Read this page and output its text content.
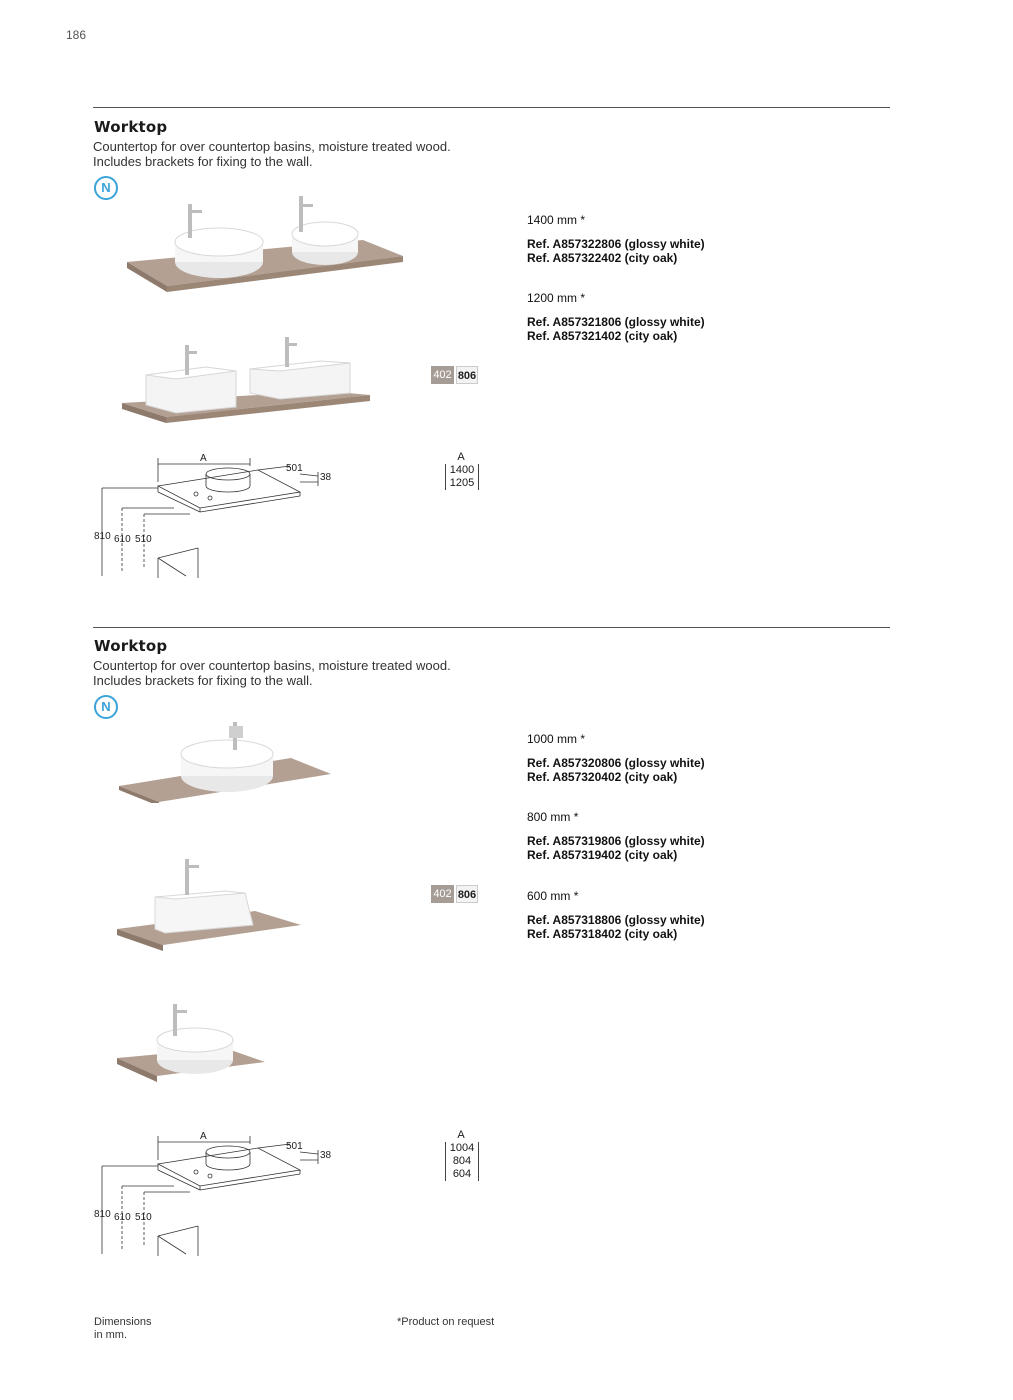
186
Worktop
Countertop for over countertop basins, moisture treated wood.
Includes brackets for fixing to the wall.
N
402 806
1400 mm *
Ref. A857322806 (glossy white)
Ref. A857322402 (city oak)
1200 mm *
Ref. A857321806 (glossy white)
Ref. A857321402 (city oak)
A
501
38
810 610 510
A
1400
1205
Worktop
Countertop for over countertop basins, moisture treated wood.
Includes brackets for fixing to the wall.
N
402 806
1000 mm *
Ref. A857320806 (glossy white)
Ref. A857320402 (city oak)
800 mm *
Ref. A857319806 (glossy white)
Ref. A857319402 (city oak)
600 mm *
Ref. A857318806 (glossy white)
Ref. A857318402 (city oak)
A
501
38
810 610 510
A
1004
804
604
Dimensions
in mm.
*Product on request
